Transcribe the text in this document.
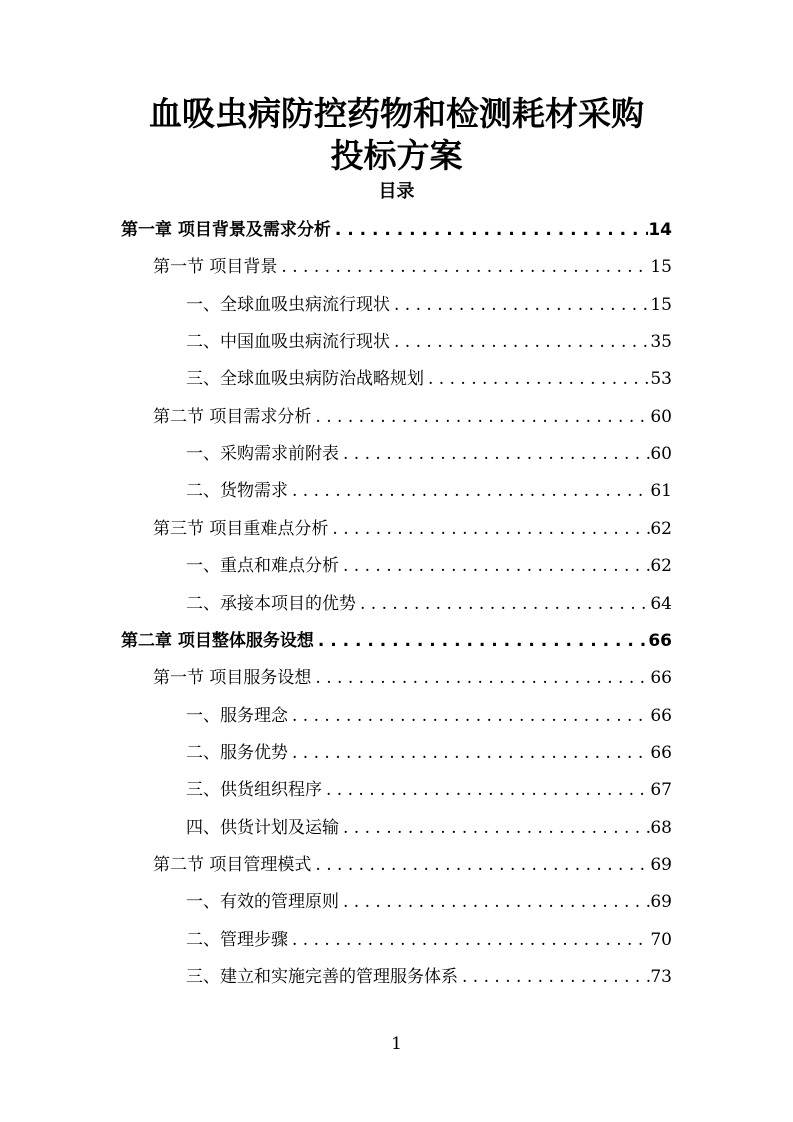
血吸虫病防控药物和检测耗材采购
投标方案
目录
第一章 项目背景及需求分析 . . .	14
第一节 项目背景 . . .	15
一、全球血吸虫病流行现状 . . .	15
二、中国血吸虫病流行现状 . . .	35
三、全球血吸虫病防治战略规划 . . .	53
第二节 项目需求分析 . . .	60
一、采购需求前附表 . . .	60
二、货物需求 . . .	61
第三节 项目重难点分析 . . .	62
一、重点和难点分析 . . .	62
二、承接本项目的优势 . . .	64
第二章 项目整体服务设想 . . .	66
第一节 项目服务设想 . . .	66
一、服务理念 . . .	66
二、服务优势 . . .	66
三、供货组织程序 . . .	67
四、供货计划及运输 . . .	68
第二节 项目管理模式 . . .	69
一、有效的管理原则 . . .	69
二、管理步骤 . . .	70
三、建立和实施完善的管理服务体系 . . .	73
1
